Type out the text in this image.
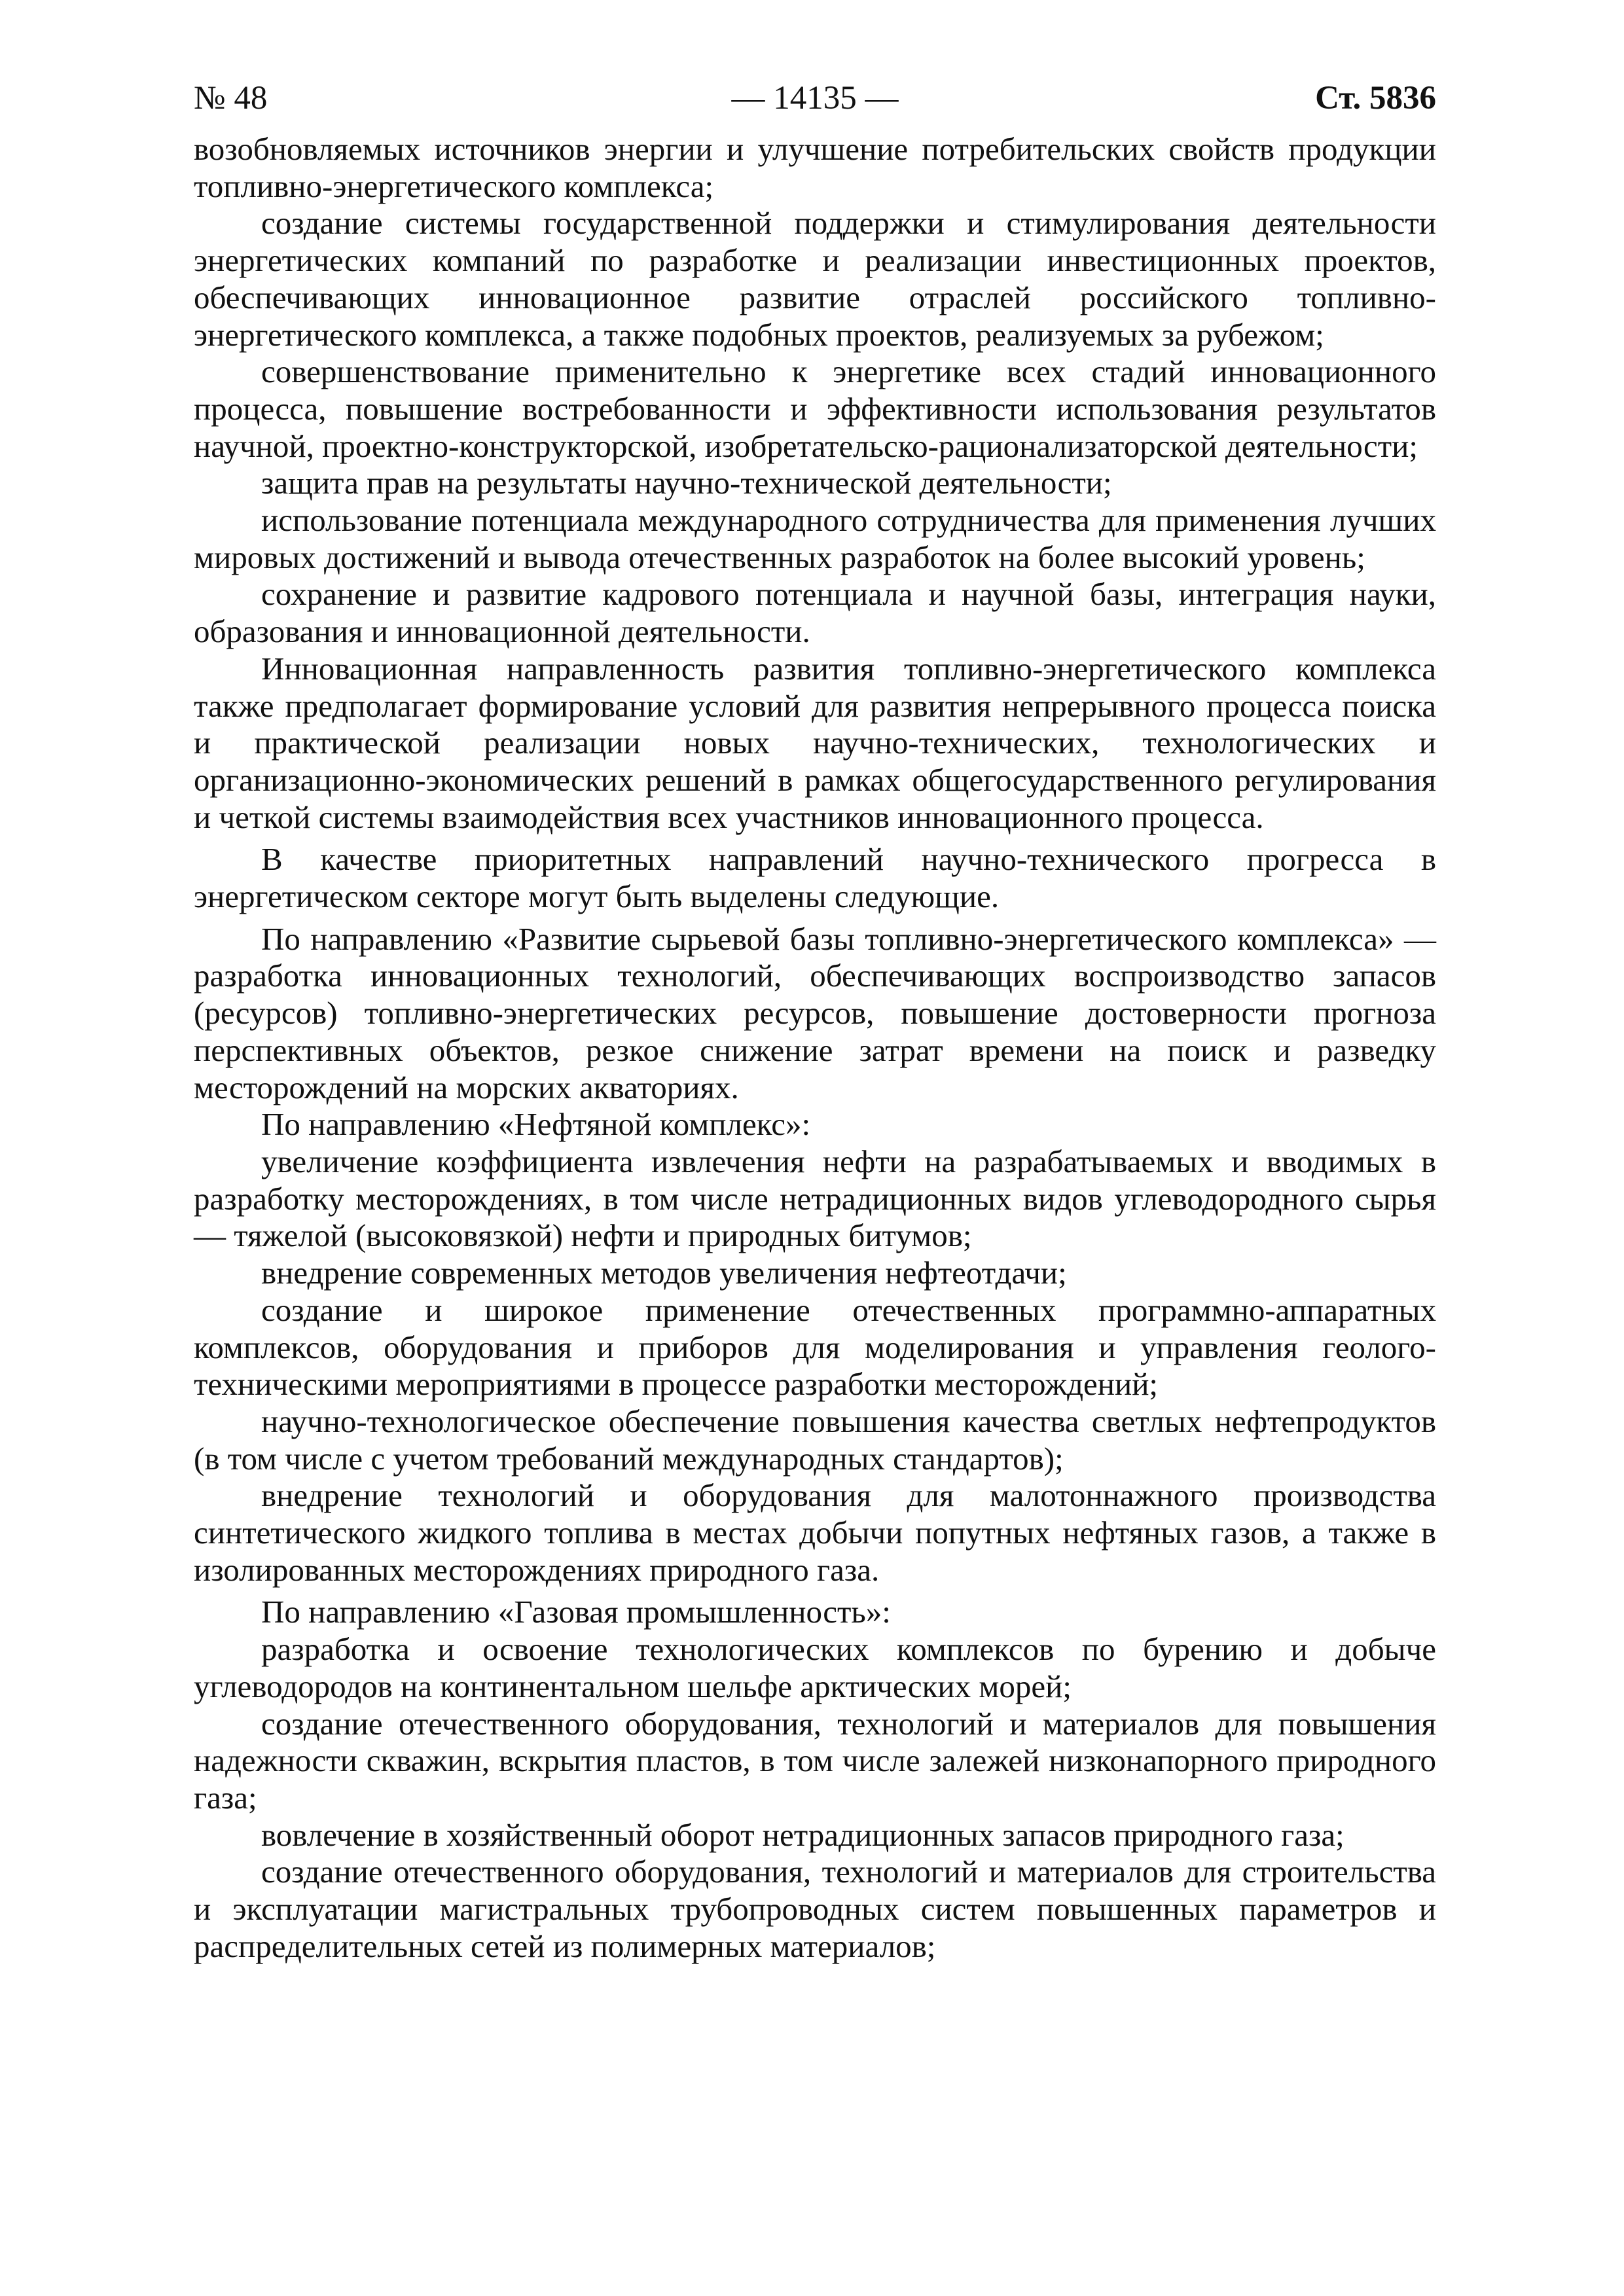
№ 48	— 14135 —	Ст. 5836

возобновляемых источников энергии и улучшение потребительских свойств продукции топливно-энергетического комплекса;

создание системы государственной поддержки и стимулирования деятельности энергетических компаний по разработке и реализации инвестиционных проектов, обеспечивающих инновационное развитие отраслей российского топливно-энергетического комплекса, а также подобных проектов, реализуемых за рубежом;

совершенствование применительно к энергетике всех стадий инновационного процесса, повышение востребованности и эффективности использования результатов научной, проектно-конструкторской, изобретательско-рационализаторской деятельности;

защита прав на результаты научно-технической деятельности;

использование потенциала международного сотрудничества для применения лучших мировых достижений и вывода отечественных разработок на более высокий уровень;

сохранение и развитие кадрового потенциала и научной базы, интеграция науки, образования и инновационной деятельности.

Инновационная направленность развития топливно-энергетического комплекса также предполагает формирование условий для развития непрерывного процесса поиска и практической реализации новых научно-технических, технологических и организационно-экономических решений в рамках общегосударственного регулирования и четкой системы взаимодействия всех участников инновационного процесса.

В качестве приоритетных направлений научно-технического прогресса в энергетическом секторе могут быть выделены следующие.

По направлению «Развитие сырьевой базы топливно-энергетического комплекса» — разработка инновационных технологий, обеспечивающих воспроизводство запасов (ресурсов) топливно-энергетических ресурсов, повышение достоверности прогноза перспективных объектов, резкое снижение затрат времени на поиск и разведку месторождений на морских акваториях.

По направлению «Нефтяной комплекс»:

увеличение коэффициента извлечения нефти на разрабатываемых и вводимых в разработку месторождениях, в том числе нетрадиционных видов углеводородного сырья — тяжелой (высоковязкой) нефти и природных битумов;

внедрение современных методов увеличения нефтеотдачи;

создание и широкое применение отечественных программно-аппаратных комплексов, оборудования и приборов для моделирования и управления геолого-техническими мероприятиями в процессе разработки месторождений;

научно-технологическое обеспечение повышения качества светлых нефтепродуктов (в том числе с учетом требований международных стандартов);

внедрение технологий и оборудования для малотоннажного производства синтетического жидкого топлива в местах добычи попутных нефтяных газов, а также в изолированных месторождениях природного газа.

По направлению «Газовая промышленность»:

разработка и освоение технологических комплексов по бурению и добыче углеводородов на континентальном шельфе арктических морей;

создание отечественного оборудования, технологий и материалов для повышения надежности скважин, вскрытия пластов, в том числе залежей низконапорного природного газа;

вовлечение в хозяйственный оборот нетрадиционных запасов природного газа;

создание отечественного оборудования, технологий и материалов для строительства и эксплуатации магистральных трубопроводных систем повышенных параметров и распределительных сетей из полимерных материалов;
